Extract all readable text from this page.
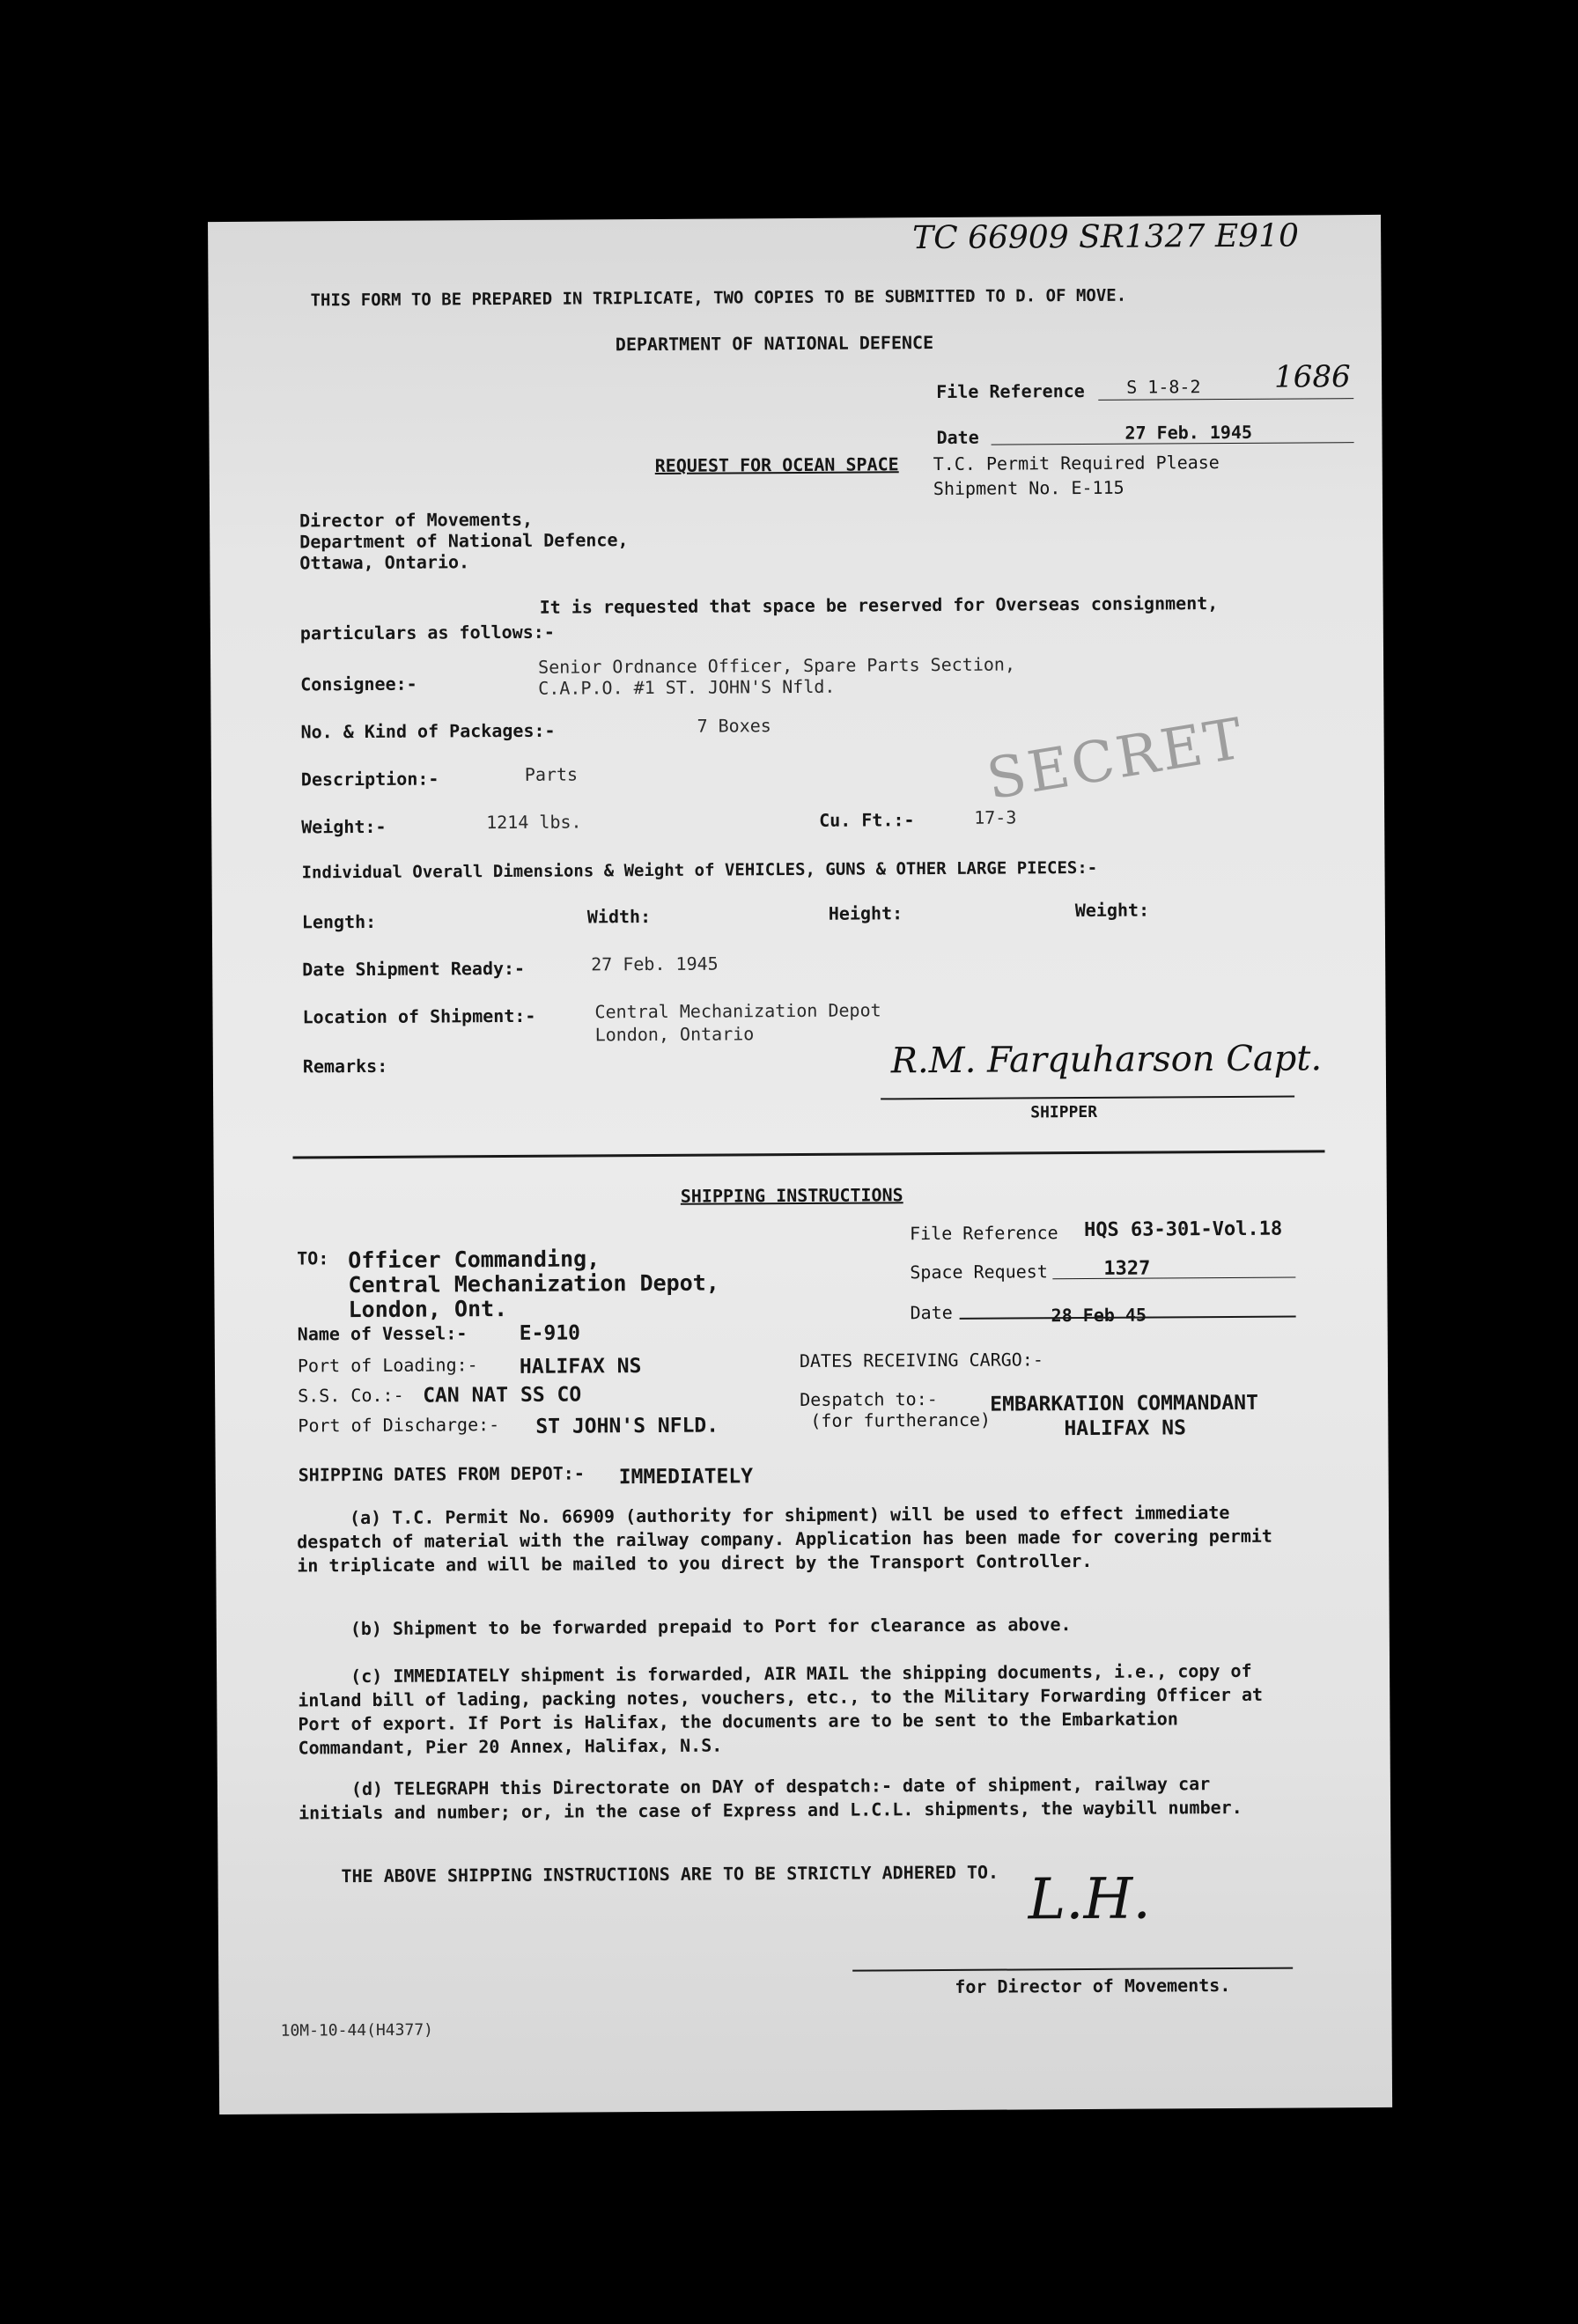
TC 66909 SR1327 E910
THIS FORM TO BE PREPARED IN TRIPLICATE, TWO COPIES TO BE SUBMITTED TO D. OF MOVE.
DEPARTMENT OF NATIONAL DEFENCE
File Reference S 1-8-2 1686
Date	27 Feb. 1945
REQUEST FOR OCEAN SPACE T.C. Permit Required Please
Shipment No. E-115
Director of Movements,
Department of National Defence,
Ottawa, Ontario.
It is requested that space be reserved for Overseas consignment,
particulars as follows:-
Consignee:-
Senior Ordnance Officer, Spare Parts Section,
C.A.P.O. #1 ST. JOHN'S Nfld.
No. & Kind of Packages:-	7 Boxes
Description:-	Parts	SECRET
Weight:-	1214 lbs.	Cu. Ft.:-	17-3
Individual Overall Dimensions & Weight of VEHICLES, GUNS & OTHER LARGE PIECES:-
Length:	Width:	Height:	Weight:
Date Shipment Ready:-	27 Feb. 1945
Location of Shipment:-	Central Mechanization Depot
London, Ontario
Remarks:	R.M. Farquharson Capt.
SHIPPER
SHIPPING INSTRUCTIONS
File Reference HQS 63-301-Vol.18
Space Request	1327
Date	28 Feb 45
TO: Officer Commanding,
Central Mechanization Depot,
London, Ont.
Name of Vessel:-	E-910
Port of Loading:- HALIFAX NS
S.S. Co.:- CAN NAT SS CO
Port of Discharge:- ST JOHN'S NFLD.
DATES RECEIVING CARGO:-
Despatch to:-
(for furtherance)
EMBARKATION COMMANDANT
HALIFAX NS
SHIPPING DATES FROM DEPOT:- IMMEDIATELY
(a) T.C. Permit No. 66909 (authority for shipment) will be used to effect immediate despatch of material with the railway company. Application has been made for covering permit in triplicate and will be mailed to you direct by the Transport Controller.
(b) Shipment to be forwarded prepaid to Port for clearance as above.
(c) IMMEDIATELY shipment is forwarded, AIR MAIL the shipping documents, i.e., copy of inland bill of lading, packing notes, vouchers, etc., to the Military Forwarding Officer at Port of export. If Port is Halifax, the documents are to be sent to the Embarkation Commandant, Pier 20 Annex, Halifax, N.S.
(d) TELEGRAPH this Directorate on DAY of despatch:- date of shipment, railway car initials and number; or, in the case of Express and L.C.L. shipments, the waybill number.
THE ABOVE SHIPPING INSTRUCTIONS ARE TO BE STRICTLY ADHERED TO. L.H.
for Director of Movements.
10M-10-44(H4377)
